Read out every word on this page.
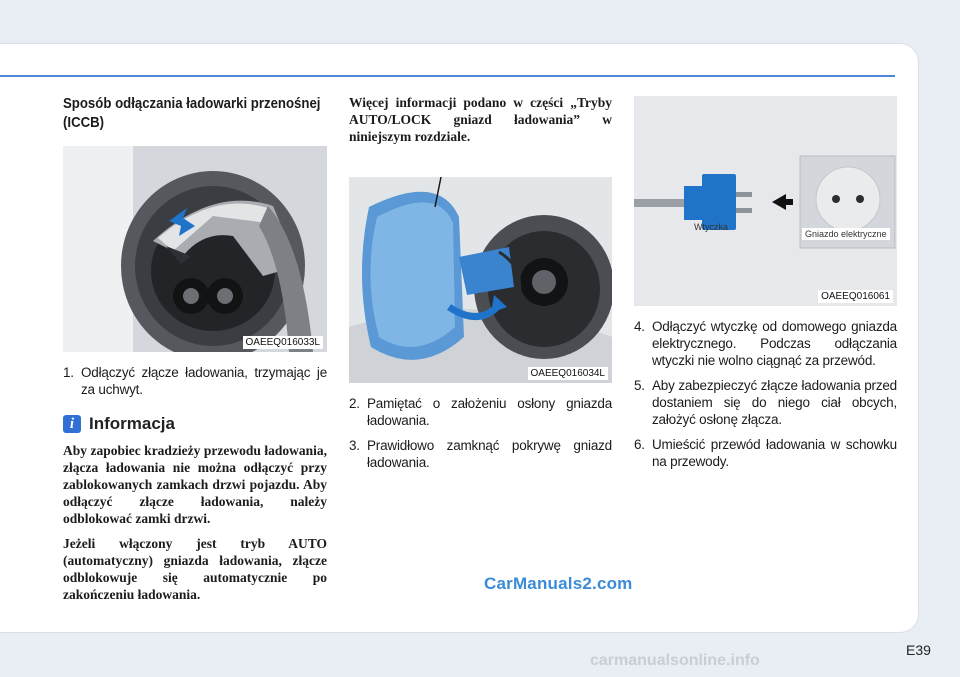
Sposób odłączania ładowarki przenośnej (ICCB)
OAEEQ016033L
1. Odłączyć złącze ładowania, trzymając je za uchwyt.
i Informacja

Aby zapobiec kradzieży przewodu ładowania, złącza ładowania nie można odłączyć przy zablokowanych zamkach drzwi pojazdu. Aby odłączyć złącze ładowania, należy odblokować zamki drzwi.

Jeżeli włączony jest tryb AUTO (automatyczny) gniazda ładowania, złącze odblokowuje się automatycznie po zakończeniu ładowania.

Więcej informacji podano w części „Tryby AUTO/LOCK gniazd ładowania” w niniejszym rozdziale.

OAEEQ016034L
2. Pamiętać o założeniu osłony gniazda ładowania.
3. Prawidłowo zamknąć pokrywę gniazd ładowania.
Wtyczka
Gniazdo elektryczne
OAEEQ016061
4. Odłączyć wtyczkę od domowego gniazda elektrycznego. Podczas odłączania wtyczki nie wolno ciągnąć za przewód.
5. Aby zabezpieczyć złącze ładowania przed dostaniem się do niego ciał obcych, założyć osłonę złącza.
6. Umieścić przewód ładowania w schowku na przewody.
CarManuals2.com
E39
carmanualsonline.info
